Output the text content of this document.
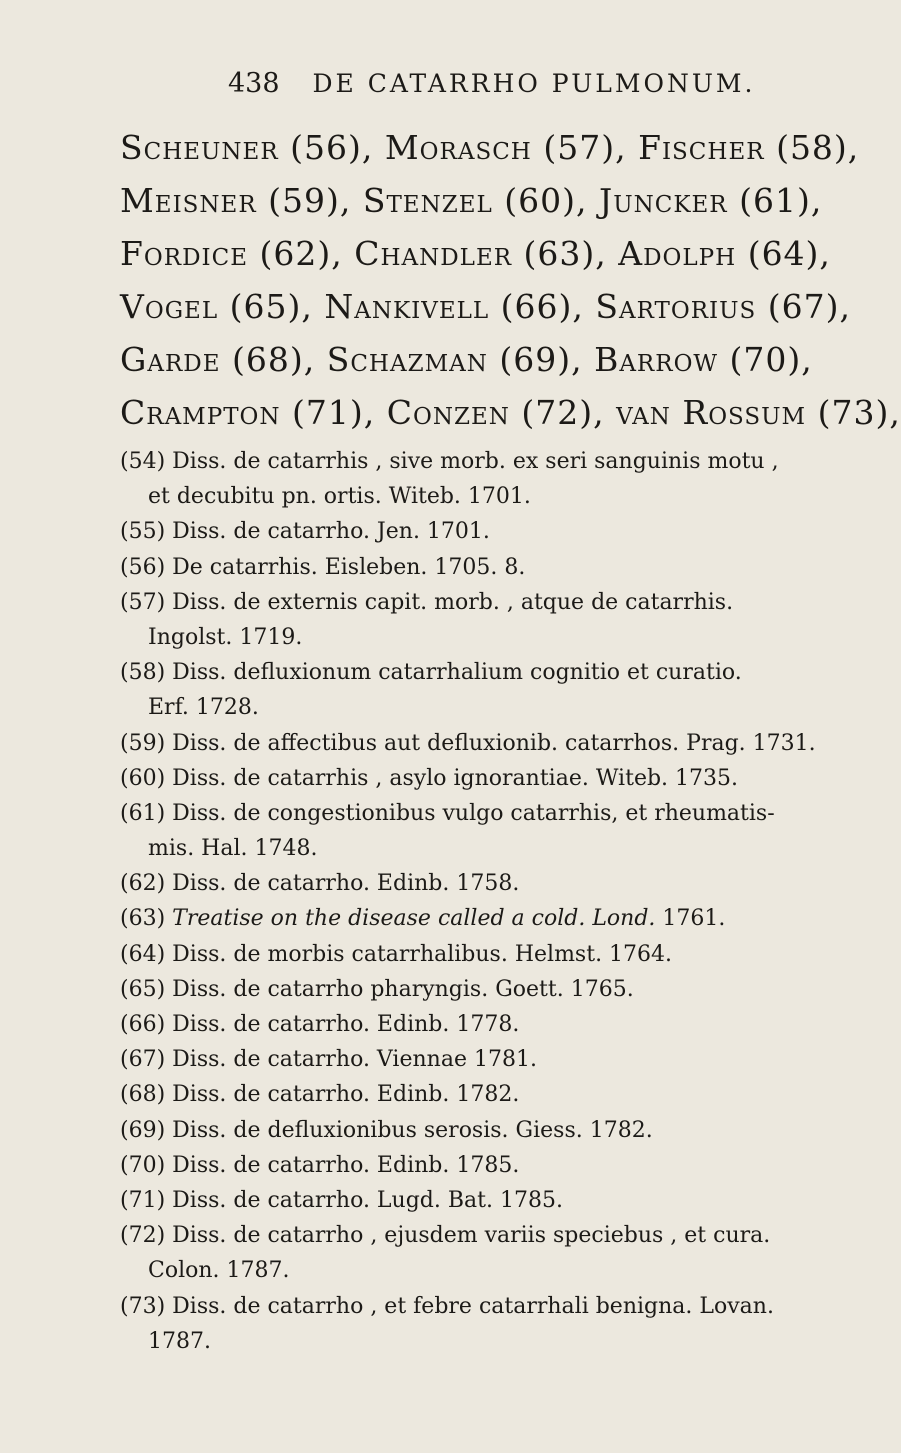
438 DE CATARRHO PULMONUM.
Scheuner (56), Morasch (57), Fischer (58),
Meisner (59), Stenzel (60), Juncker (61),
Fordice (62), Chandler (63), Adolph (64),
Vogel (65), Nankivell (66), Sartorius (67),
Garde (68), Schazman (69), Barrow (70),
Crampton (71), Conzen (72), van Rossum (73),
(54) Diss. de catarrhis , sive morb. ex seri sanguinis motu ,
et decubitu pn. ortis. Witeb. 1701.
(55) Diss. de catarrho. Jen. 1701.
(56) De catarrhis. Eisleben. 1705. 8.
(57) Diss. de externis capit. morb. , atque de catarrhis.
Ingolst. 1719.
(58) Diss. defluxionum catarrhalium cognitio et curatio.
Erf. 1728.
(59) Diss. de affectibus aut defluxionib. catarrhos. Prag. 1731.
(60) Diss. de catarrhis , asylo ignorantiae. Witeb. 1735.
(61) Diss. de congestionibus vulgo catarrhis, et rheumatis-
mis. Hal. 1748.
(62) Diss. de catarrho. Edinb. 1758.
(63) Treatise on the disease called a cold. Lond. 1761.
(64) Diss. de morbis catarrhalibus. Helmst. 1764.
(65) Diss. de catarrho pharyngis. Goett. 1765.
(66) Diss. de catarrho. Edinb. 1778.
(67) Diss. de catarrho. Viennae 1781.
(68) Diss. de catarrho. Edinb. 1782.
(69) Diss. de defluxionibus serosis. Giess. 1782.
(70) Diss. de catarrho. Edinb. 1785.
(71) Diss. de catarrho. Lugd. Bat. 1785.
(72) Diss. de catarrho , ejusdem variis speciebus , et cura.
Colon. 1787.
(73) Diss. de catarrho , et febre catarrhali benigna. Lovan.
1787.
